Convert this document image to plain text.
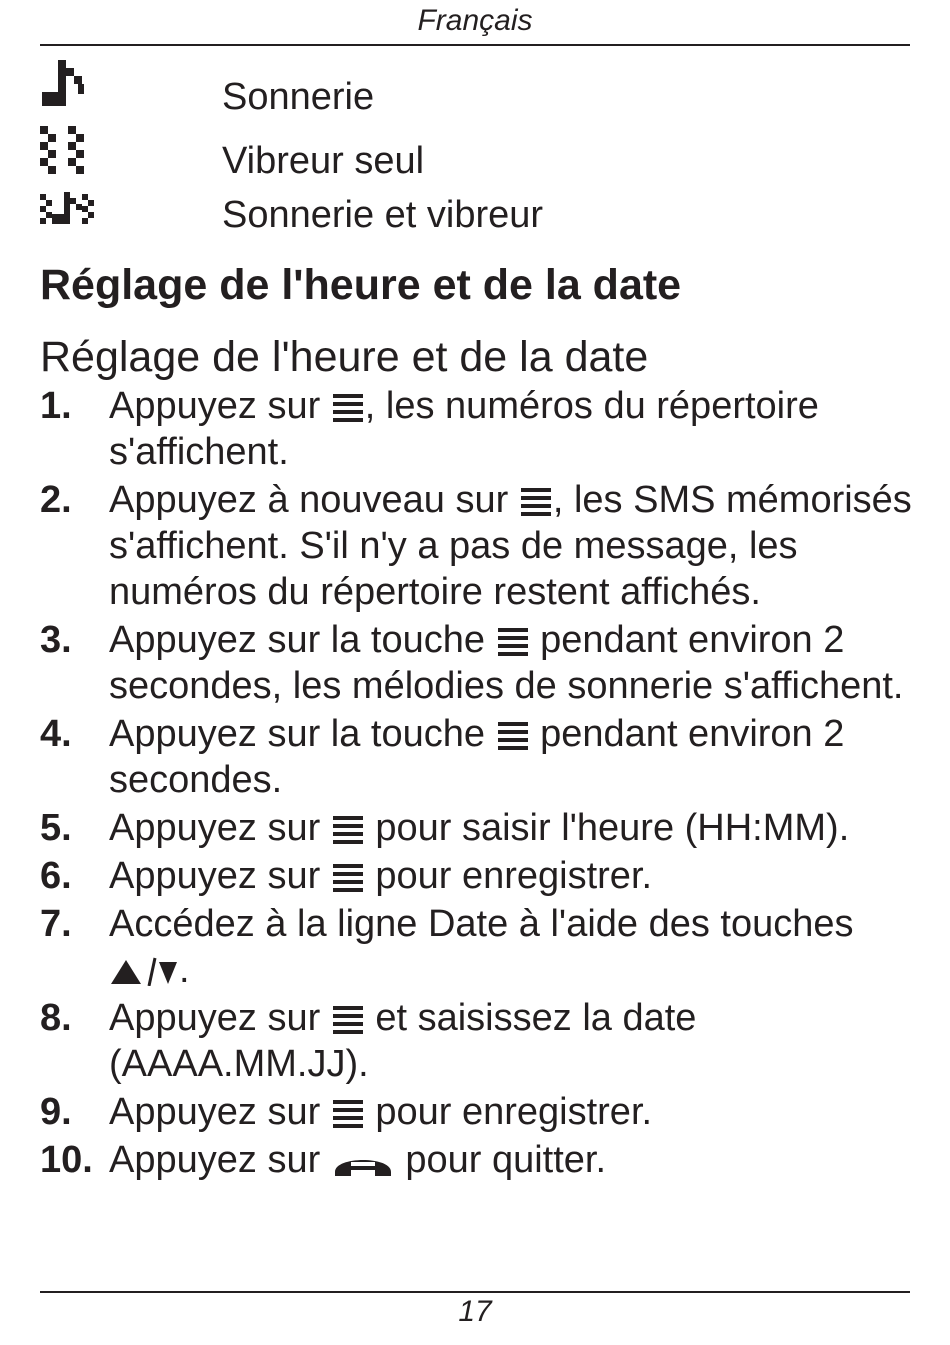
Français
Sonnerie
Vibreur seul
Sonnerie et vibreur
Réglage de l'heure et de la date
Réglage de l'heure et de la date
1. Appuyez sur , les numéros du répertoire s'affichent.
2. Appuyez à nouveau sur , les SMS mémorisés s'affichent. S'il n'y a pas de message, les numéros du répertoire restent affichés.
3. Appuyez sur la touche  pendant environ 2 secondes, les mélodies de sonnerie s'affichent.
4. Appuyez sur la touche  pendant environ 2 secondes.
5. Appuyez sur  pour saisir l'heure (HH:MM).
6. Appuyez sur  pour enregistrer.
7. Accédez à la ligne Date à l'aide des touches .
8. Appuyez sur  et saisissez la date (AAAA.MM.JJ).
9. Appuyez sur  pour enregistrer.
10. Appuyez sur  pour quitter.
17
